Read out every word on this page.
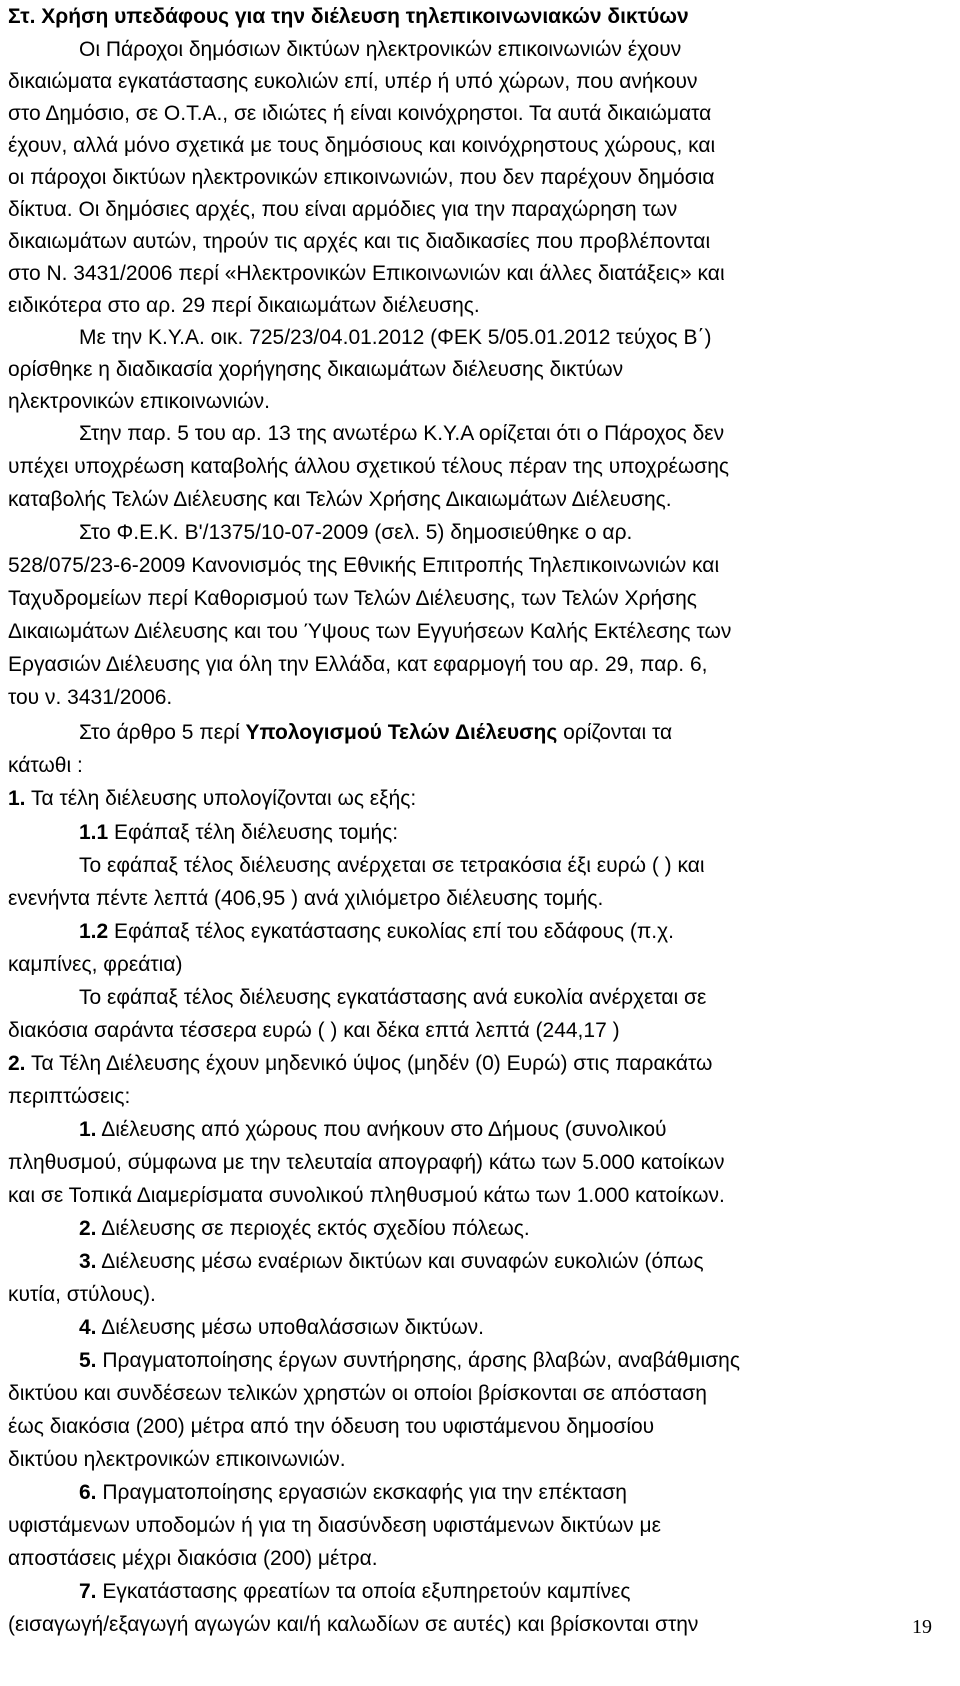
Στ. Χρήση υπεδάφους για την διέλευση τηλεπικοινωνιακών δικτύων
Οι Πάροχοι δημόσιων δικτύων ηλεκτρονικών επικοινωνιών έχουν
δικαιώματα εγκατάστασης ευκολιών επί, υπέρ ή υπό χώρων, που ανήκουν
στο Δημόσιο, σε Ο.Τ.Α., σε ιδιώτες ή είναι κοινόχρηστοι. Τα αυτά δικαιώματα
έχουν, αλλά μόνο σχετικά με τους δημόσιους και κοινόχρηστους χώρους, και
οι πάροχοι δικτύων ηλεκτρονικών επικοινωνιών, που δεν παρέχουν δημόσια
δίκτυα. Οι δημόσιες αρχές, που είναι αρμόδιες για την παραχώρηση των
δικαιωμάτων αυτών, τηρούν τις αρχές και τις διαδικασίες που προβλέπονται
στο Ν. 3431/2006 περί «Ηλεκτρονικών Επικοινωνιών και άλλες διατάξεις» και
ειδικότερα στο αρ. 29 περί δικαιωμάτων διέλευσης.
Με την Κ.Υ.Α. οικ. 725/23/04.01.2012 (ΦΕΚ 5/05.01.2012 τεύχος Β΄)
ορίσθηκε η διαδικασία χορήγησης δικαιωμάτων διέλευσης δικτύων
ηλεκτρονικών επικοινωνιών.
Στην παρ. 5 του αρ. 13 της ανωτέρω Κ.Υ.Α ορίζεται ότι ο Πάροχος δεν
υπέχει υποχρέωση καταβολής άλλου σχετικού τέλους πέραν της υποχρέωσης
καταβολής Τελών Διέλευσης και Τελών Χρήσης Δικαιωμάτων Διέλευσης.
Στο Φ.Ε.Κ. Β'/1375/10-07-2009 (σελ. 5) δημοσιεύθηκε ο αρ.
528/075/23-6-2009 Κανονισμός της Εθνικής Επιτροπής Τηλεπικοινωνιών και
Ταχυδρομείων περί Καθορισμού των Τελών Διέλευσης, των Τελών Χρήσης
Δικαιωμάτων Διέλευσης και του Ύψους των Εγγυήσεων Καλής Εκτέλεσης των
Εργασιών Διέλευσης για όλη την Ελλάδα, κατ εφαρμογή του αρ. 29, παρ. 6,
του ν. 3431/2006.
Στο άρθρο 5 περί Υπολογισμού Τελών Διέλευσης ορίζονται τα
κάτωθι :
1. Τα τέλη διέλευσης υπολογίζονται ως εξής:
1.1 Εφάπαξ τέλη διέλευσης τομής:
Το εφάπαξ τέλος διέλευσης ανέρχεται σε τετρακόσια έξι ευρώ ( ) και
ενενήντα πέντε λεπτά (406,95 ) ανά χιλιόμετρο διέλευσης τομής.
1.2 Εφάπαξ τέλος εγκατάστασης ευκολίας επί του εδάφους (π.χ.
καμπίνες, φρεάτια)
Το εφάπαξ τέλος διέλευσης εγκατάστασης ανά ευκολία ανέρχεται σε
διακόσια σαράντα τέσσερα ευρώ ( ) και δέκα επτά λεπτά (244,17 )
2. Τα Τέλη Διέλευσης έχουν μηδενικό ύψος (μηδέν (0) Ευρώ) στις παρακάτω
περιπτώσεις:
1. Διέλευσης από χώρους που ανήκουν στο Δήμους (συνολικού
πληθυσμού, σύμφωνα με την τελευταία απογραφή) κάτω των 5.000 κατοίκων
και σε Τοπικά Διαμερίσματα συνολικού πληθυσμού κάτω των 1.000 κατοίκων.
2. Διέλευσης σε περιοχές εκτός σχεδίου πόλεως.
3. Διέλευσης μέσω εναέριων δικτύων και συναφών ευκολιών (όπως
κυτία, στύλους).
4. Διέλευσης μέσω υποθαλάσσιων δικτύων.
5. Πραγματοποίησης έργων συντήρησης, άρσης βλαβών, αναβάθμισης
δικτύου και συνδέσεων τελικών χρηστών οι οποίοι βρίσκονται σε απόσταση
έως διακόσια (200) μέτρα από την όδευση του υφιστάμενου δημοσίου
δικτύου ηλεκτρονικών επικοινωνιών.
6. Πραγματοποίησης εργασιών εκσκαφής για την επέκταση
υφιστάμενων υποδομών ή για τη διασύνδεση υφιστάμενων δικτύων με
αποστάσεις μέχρι διακόσια (200) μέτρα.
7. Εγκατάστασης φρεατίων τα οποία εξυπηρετούν καμπίνες
(εισαγωγή/εξαγωγή αγωγών και/ή καλωδίων σε αυτές) και βρίσκονται στην	19
